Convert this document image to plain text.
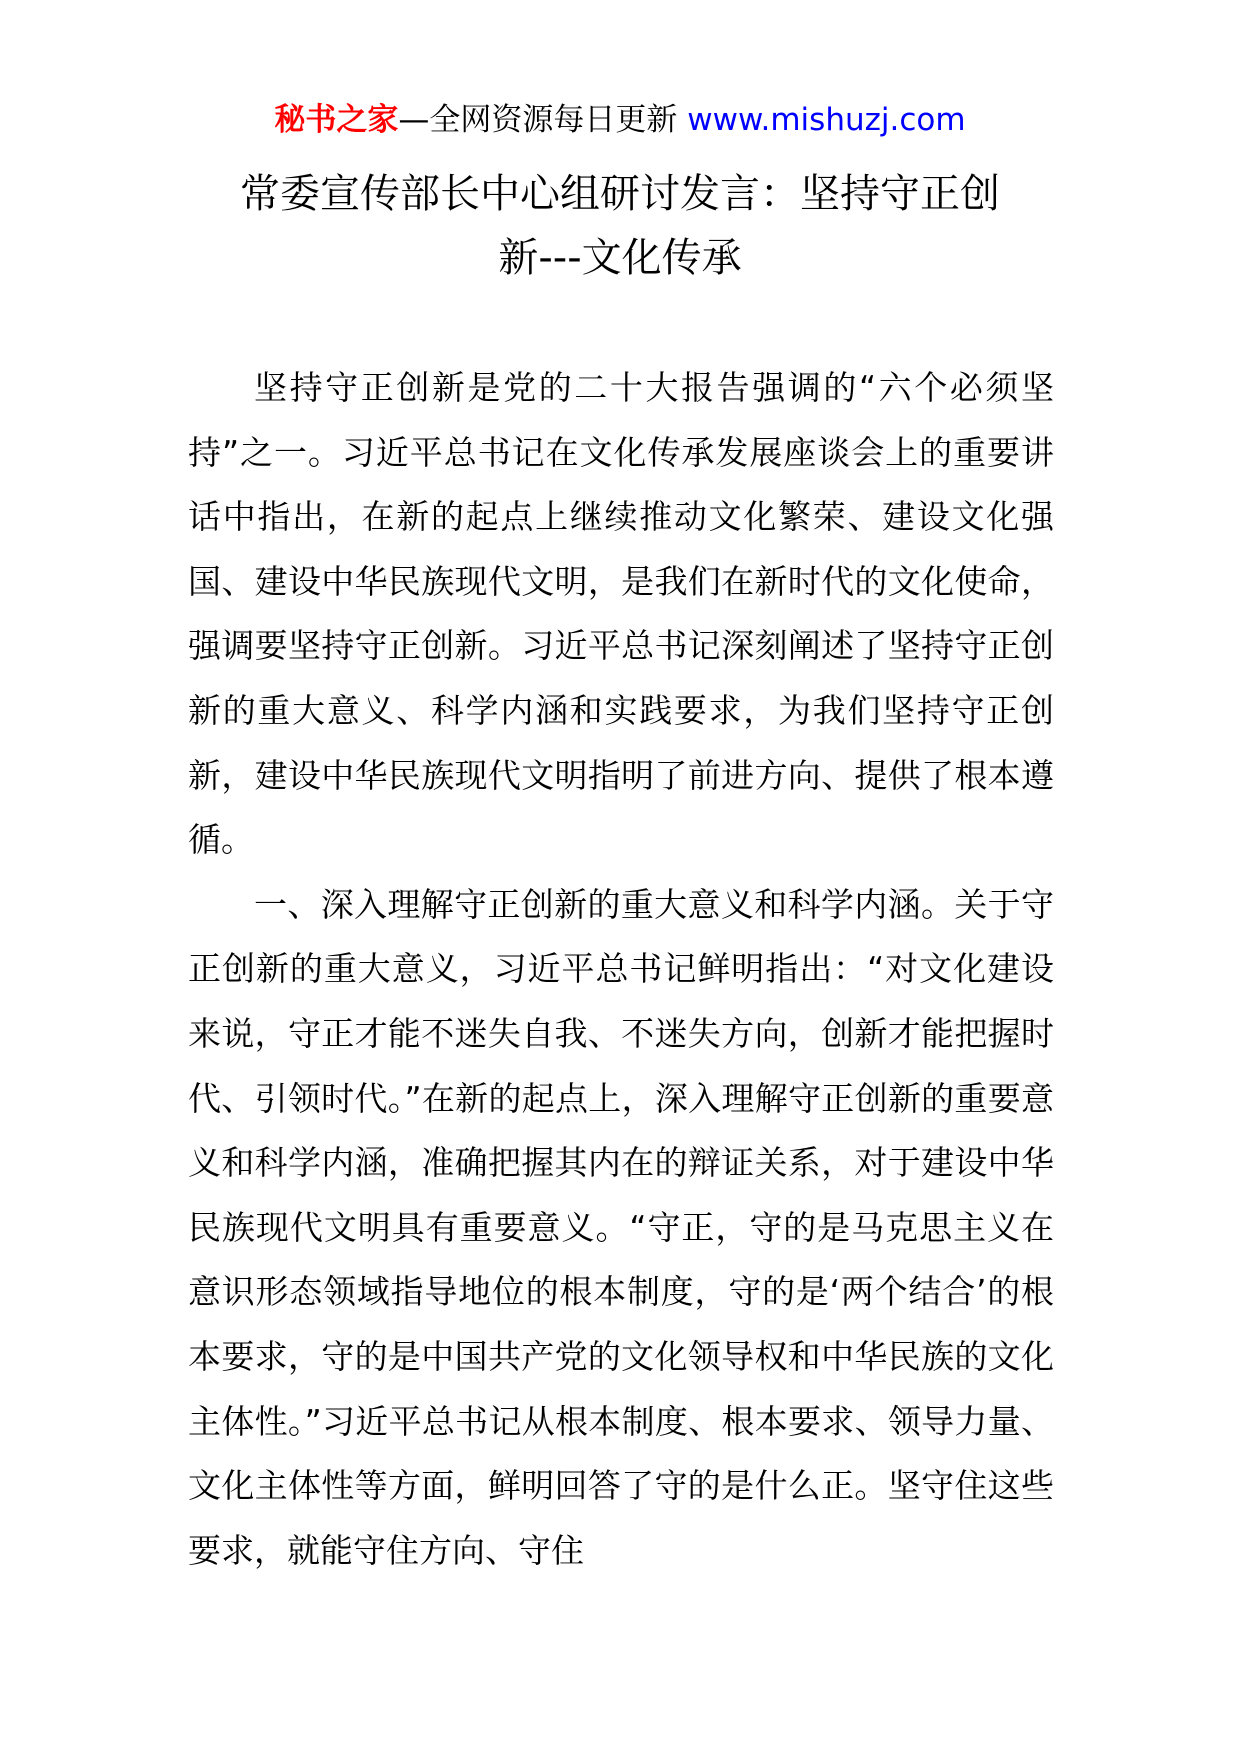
秘书之家—全网资源每日更新 www.mishuzj.com
常委宣传部长中心组研讨发言：坚持守正创
新---文化传承

坚持守正创新是党的二十大报告强调的“六个必须坚持”之一。习近平总书记在文化传承发展座谈会上的重要讲话中指出，在新的起点上继续推动文化繁荣、建设文化强国、建设中华民族现代文明，是我们在新时代的文化使命，强调要坚持守正创新。习近平总书记深刻阐述了坚持守正创新的重大意义、科学内涵和实践要求，为我们坚持守正创新，建设中华民族现代文明指明了前进方向、提供了根本遵循。

一、深入理解守正创新的重大意义和科学内涵。关于守正创新的重大意义，习近平总书记鲜明指出：“对文化建设来说，守正才能不迷失自我、不迷失方向，创新才能把握时代、引领时代。”在新的起点上，深入理解守正创新的重要意义和科学内涵，准确把握其内在的辩证关系，对于建设中华民族现代文明具有重要意义。“守正，守的是马克思主义在意识形态领域指导地位的根本制度，守的是‘两个结合’的根本要求，守的是中国共产党的文化领导权和中华民族的文化主体性。”习近平总书记从根本制度、根本要求、领导力量、文化主体性等方面，鲜明回答了守的是什么正。坚守住这些要求，就能守住方向、守住
